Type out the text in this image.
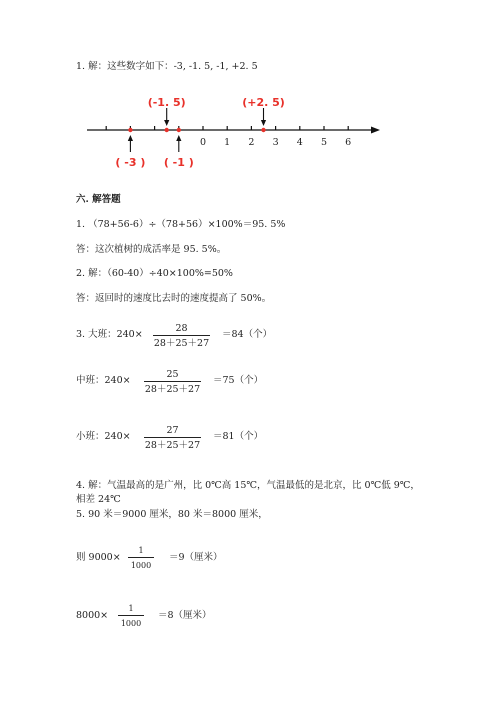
1. 解：这些数字如下：-3, -1. 5, -1, +2. 5
0 1 2 3 4 5 6
(-1. 5)	(+2. 5)
( -3 ) ( -1 )
六. 解答题
1. （78+56-6）÷（78+56）×100%＝95. 5%
答：这次植树的成活率是 95. 5%。
2. 解：（60-40）÷40×100%=50%
答：返回时的速度比去时的速度提高了 50%。
3. 大班：240×
28
28＋25＋27
＝84（个）
中班：240×
25
28＋25＋27
＝75（个）
小班：240×
27
28＋25＋27
＝81（个）
4. 解：气温最高的是广州，比 0℃高 15℃，气温最低的是北京，比 0℃低 9℃，
相差 24℃
5. 90 米＝9000 厘米，80 米＝8000 厘米，
则 9000×
1
1000
＝9（厘米）
8000×
1
1000
＝8（厘米）
